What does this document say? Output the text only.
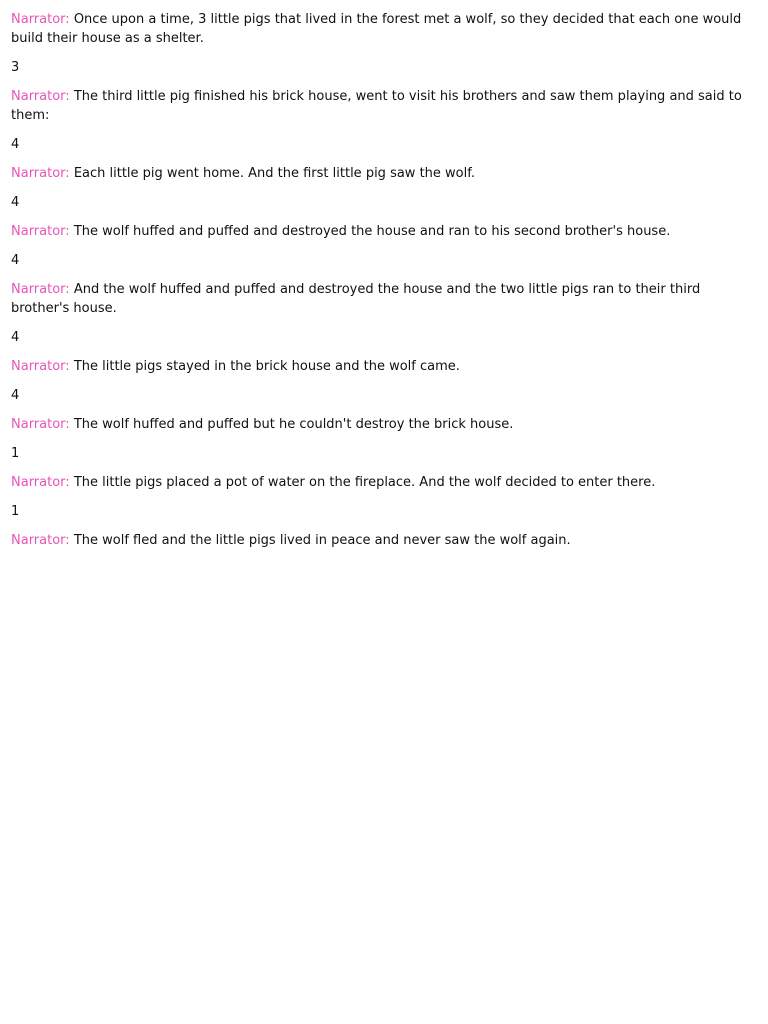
Narrator: Once upon a time, 3 little pigs that lived in the forest met a wolf, so they decided that each one would build their house as a shelter.

3

Narrator: The third little pig finished his brick house, went to visit his brothers and saw them playing and said to them:

4

Narrator: Each little pig went home. And the first little pig saw the wolf.

4

Narrator: The wolf huffed and puffed and destroyed the house and ran to his second brother's house.

4

Narrator: And the wolf huffed and puffed and destroyed the house and the two little pigs ran to their third brother's house.

4

Narrator: The little pigs stayed in the brick house and the wolf came.

4

Narrator: The wolf huffed and puffed but he couldn't destroy the brick house.

1

Narrator: The little pigs placed a pot of water on the fireplace. And the wolf decided to enter there.

1

Narrator: The wolf fled and the little pigs lived in peace and never saw the wolf again.
